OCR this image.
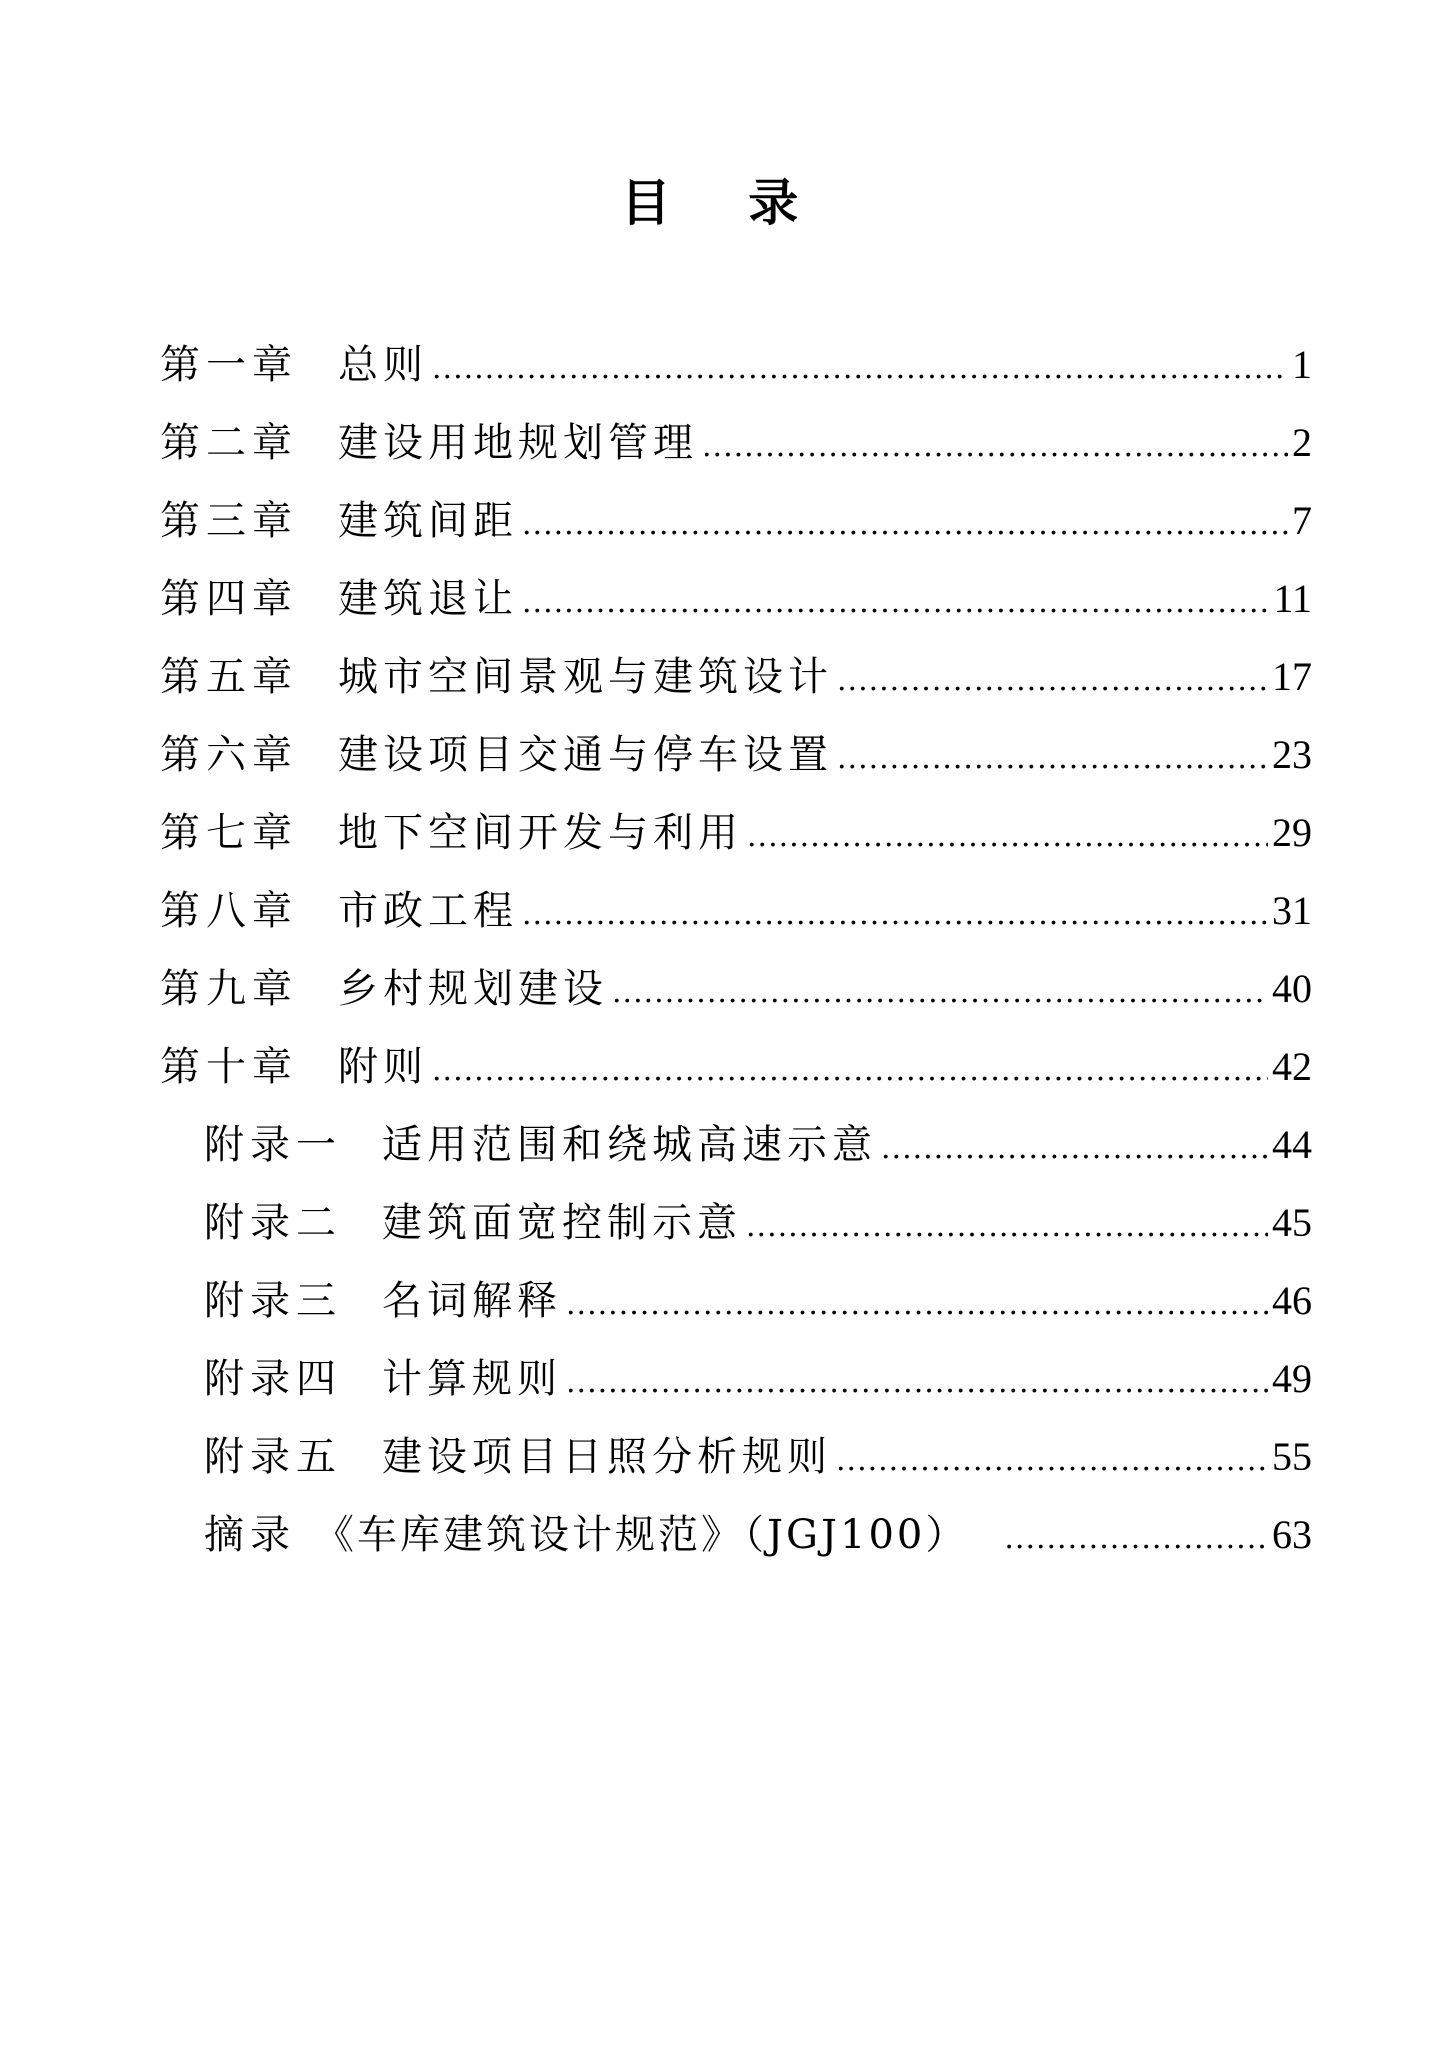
目 录
第一章	总则 .....	1
第二章	建设用地规划管理 .....	2
第三章	建筑间距 .....	7
第四章	建筑退让 .....	11
第五章	城市空间景观与建筑设计 .....	17
第六章	建设项目交通与停车设置 .....	23
第七章	地下空间开发与利用 .....	29
第八章	市政工程 .....	31
第九章	乡村规划建设 .....	40
第十章	附则 .....	42
附录一	适用范围和绕城高速示意 .....	44
附录二	建筑面宽控制示意 .....	45
附录三	名词解释 .....	46
附录四	计算规则 .....	49
附录五	建设项目日照分析规则 .....	55
摘录 《车库建筑设计规范》（JGJ100） .....	63
